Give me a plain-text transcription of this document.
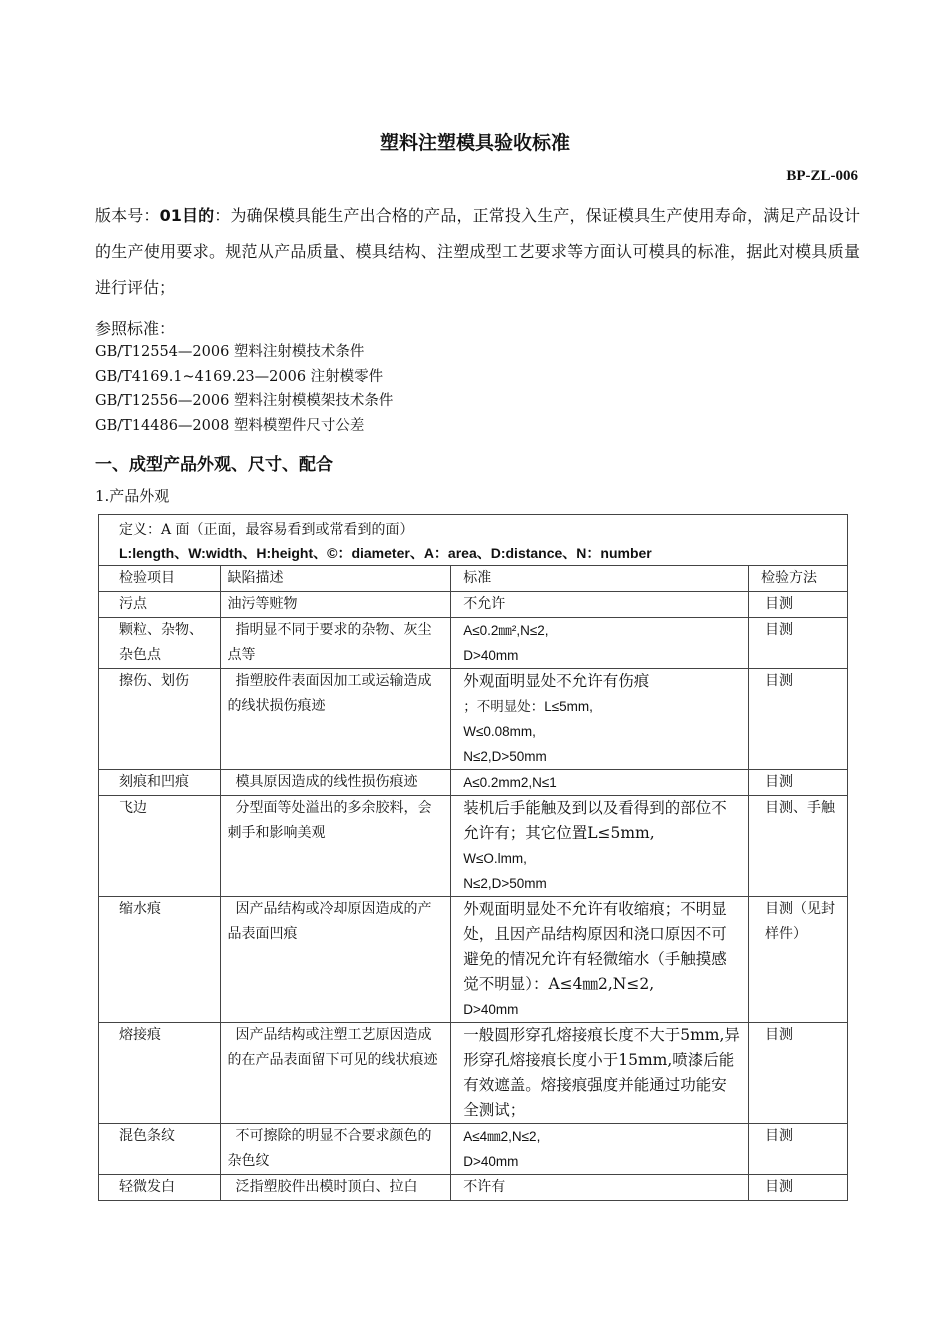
塑料注塑模具验收标准
BP-ZL-006
版本号：01目的：为确保模具能生产出合格的产品，正常投入生产，保证模具生产使用寿命，满足产品设计的生产使用要求。规范从产品质量、模具结构、注塑成型工艺要求等方面认可模具的标准，据此对模具质量进行评估；
参照标准：
GB/T12554—2006 塑料注射模技术条件
GB/T4169.1~4169.23—2006 注射模零件
GB/T12556—2006 塑料注射模模架技术条件
GB/T14486—2008 塑料模塑件尺寸公差
一、成型产品外观、尺寸、配合
1.产品外观
定义：A 面（正面，最容易看到或常看到的面）
L:length、W:width、H:height、©：diameter、A：area、D:distance、N：number			

检验项目	缺陷描述	标准	检验方法
污点	油污等赃物	不允许	目测
颗粒、杂物、杂色点	指明显不同于要求的杂物、灰尘点等	A≤0.2㎜²,N≤2,
D>40mm	目测
擦伤、划伤	指塑胶件表面因加工或运输造成的线状损伤痕迹	外观面明显处不允许有伤痕
；不明显处：L≤5mm,
W≤0.08mm,
N≤2,D>50mm	目测
刻痕和凹痕	模具原因造成的线性损伤痕迹	A≤0.2mm2,N≤1	目测
飞边	分型面等处溢出的多余胶料，会刺手和影响美观	装机后手能触及到以及看得到的部位不允许有；其它位置L≤5mm,
W≤O.lmm,
N≤2,D>50mm	目测、手触
缩水痕	因产品结构或冷却原因造成的产品表面凹痕	外观面明显处不允许有收缩痕；不明显处，且因产品结构原因和浇口原因不可避免的情况允许有轻微缩水（手触摸感觉不明显）：A≤4㎜2,N≤2,
D>40mm	目测（见封样件）
熔接痕	因产品结构或注塑工艺原因造成的在产品表面留下可见的线状痕迹	一般圆形穿孔熔接痕长度不大于5mm,异形穿孔熔接痕长度小于15mm,喷漆后能有效遮盖。熔接痕强度并能通过功能安全测试；	目测
混色条纹	不可擦除的明显不合要求颜色的杂色纹	A≤4㎜2,N≤2,
D>40mm	目测
轻微发白	泛指塑胶件出模时顶白、拉白	不许有	目测
